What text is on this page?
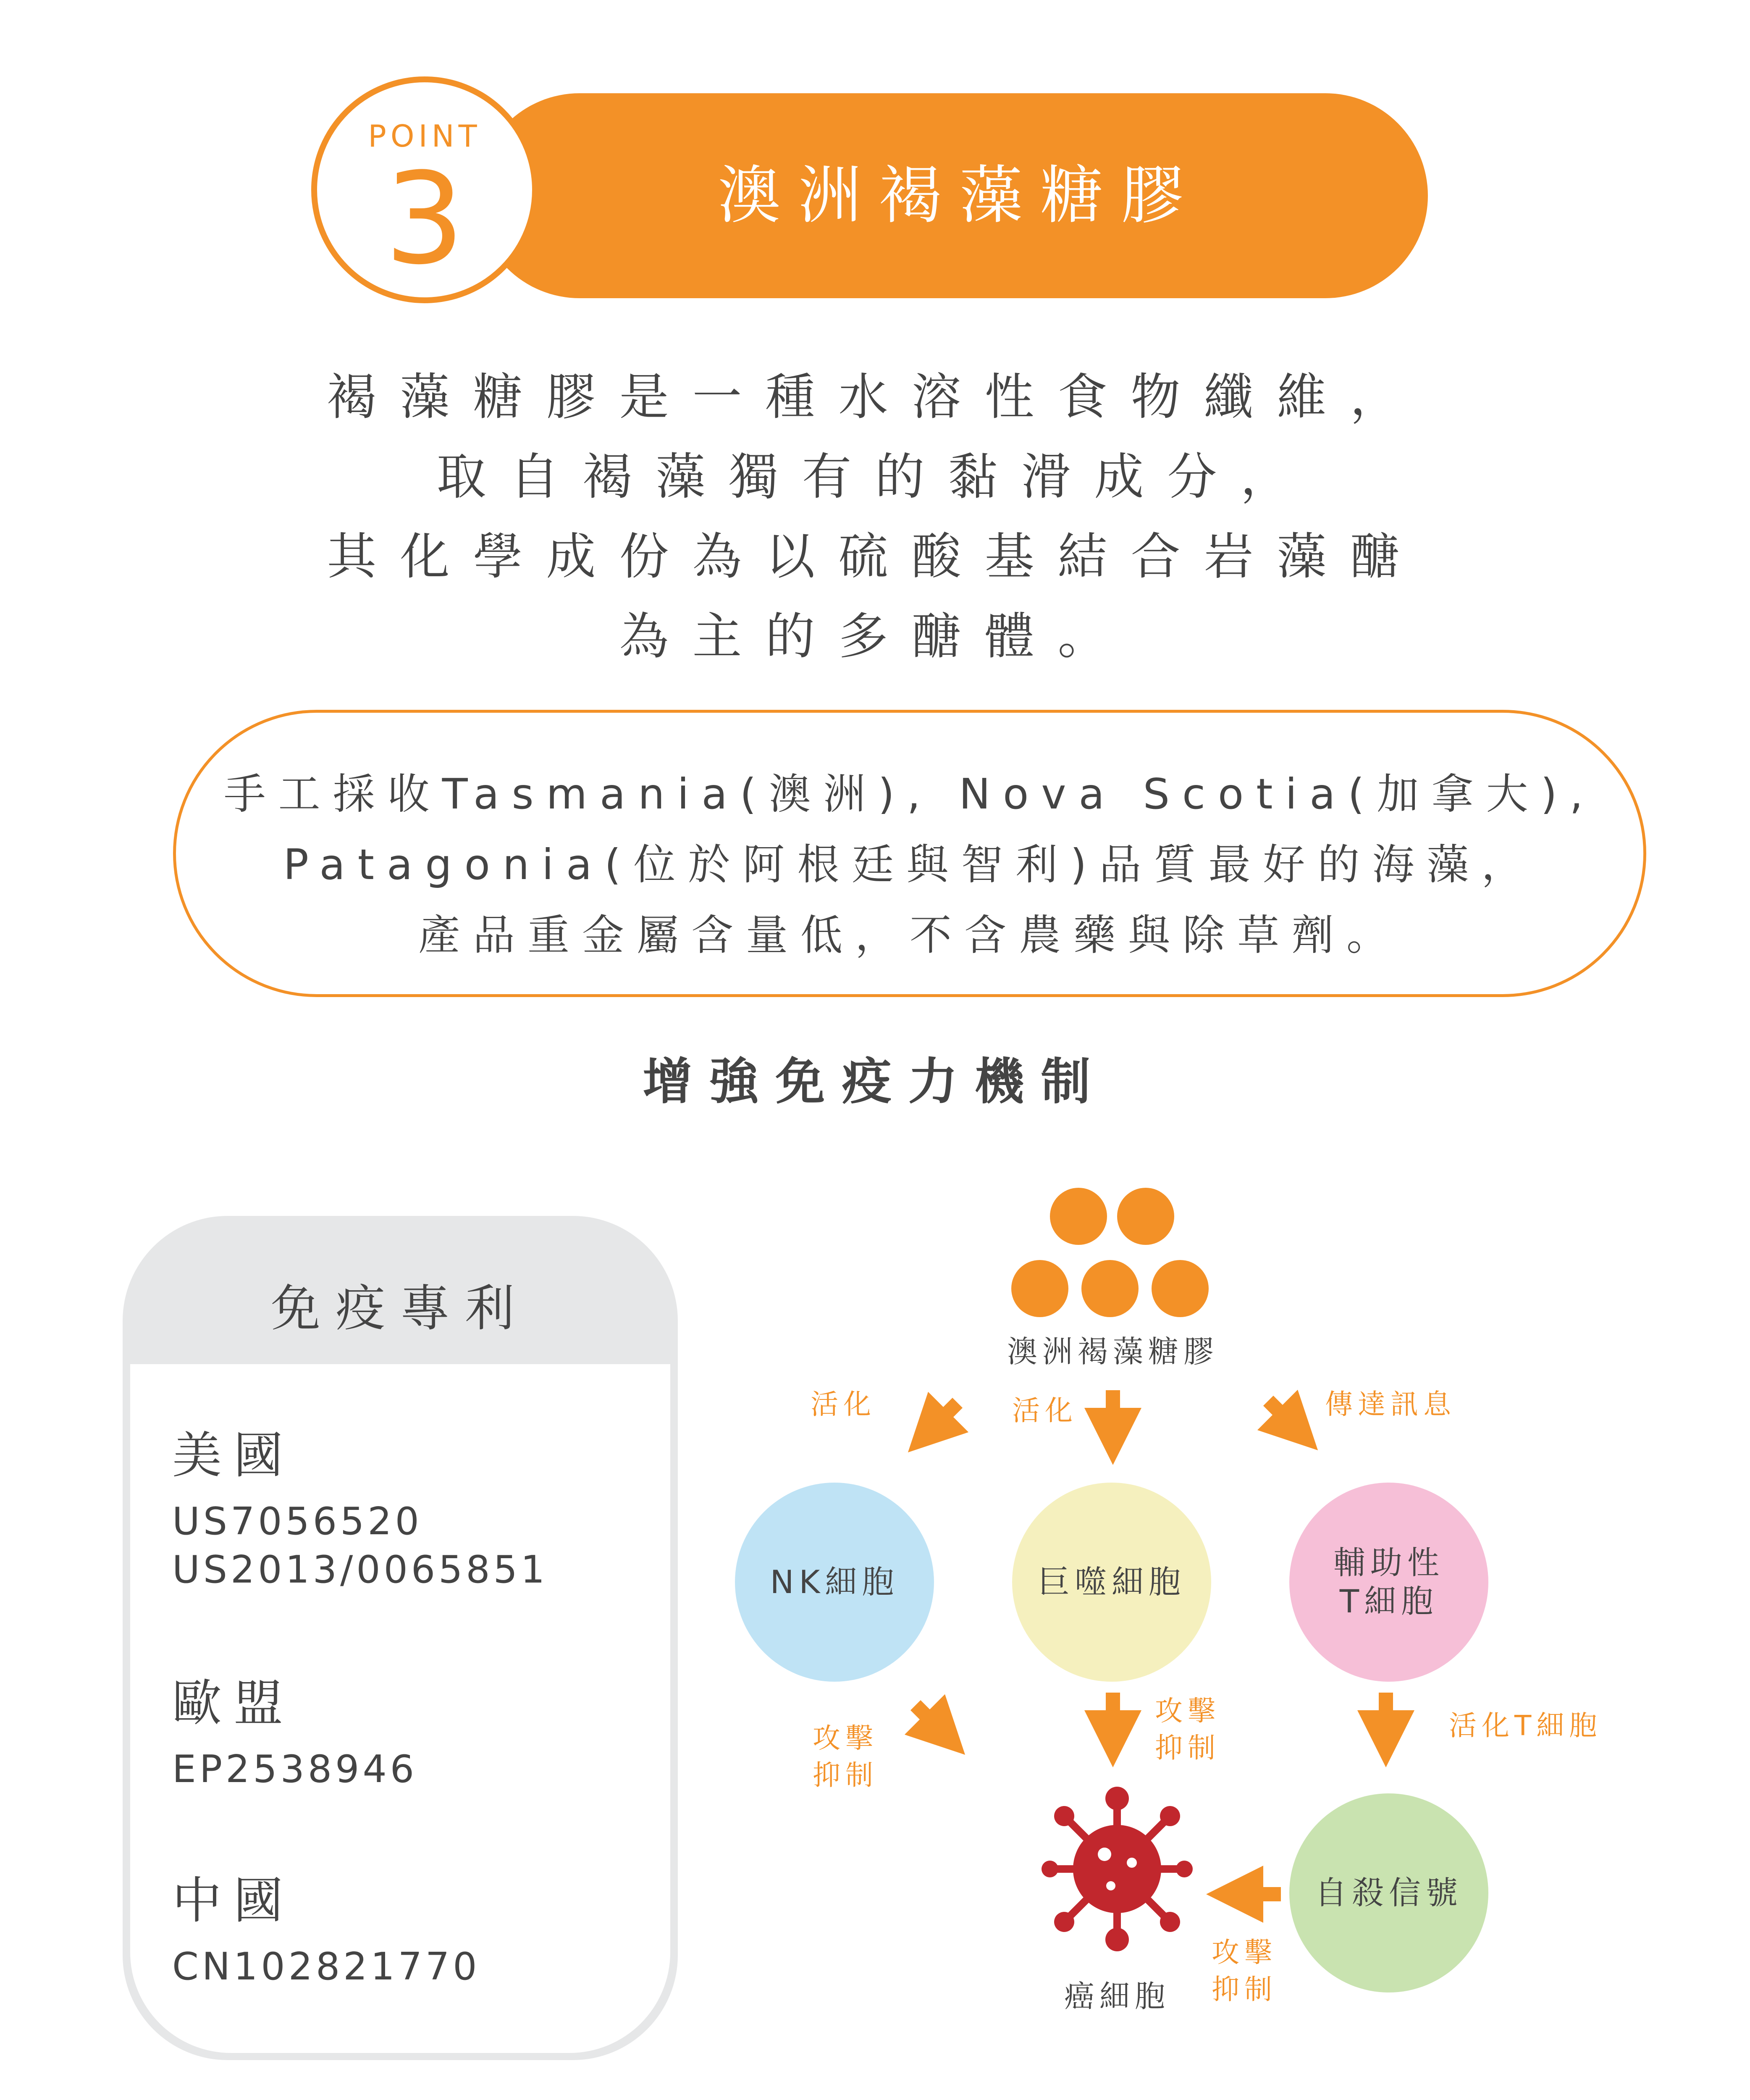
澳洲褐藻糖膠
POINT
3
褐藻糖膠是一種水溶性食物纖維，
取自褐藻獨有的黏滑成分，
其化學成份為以硫酸基結合岩藻醣
為主的多醣體。
手工採收Tasmania(澳洲), Nova Scotia(加拿大),
Patagonia(位於阿根廷與智利)品質最好的海藻，
產品重金屬含量低，不含農藥與除草劑。
增強免疫力機制
免疫專利
美國
US7056520
US2013/0065851
歐盟
EP2538946
中國
CN102821770
澳洲褐藻糖膠
活化	活化	傳達訊息
攻擊
抑制
攻擊
抑制
活化T細胞
攻擊
抑制
NK細胞	巨噬細胞
輔助性
T細胞
自殺信號
癌細胞
